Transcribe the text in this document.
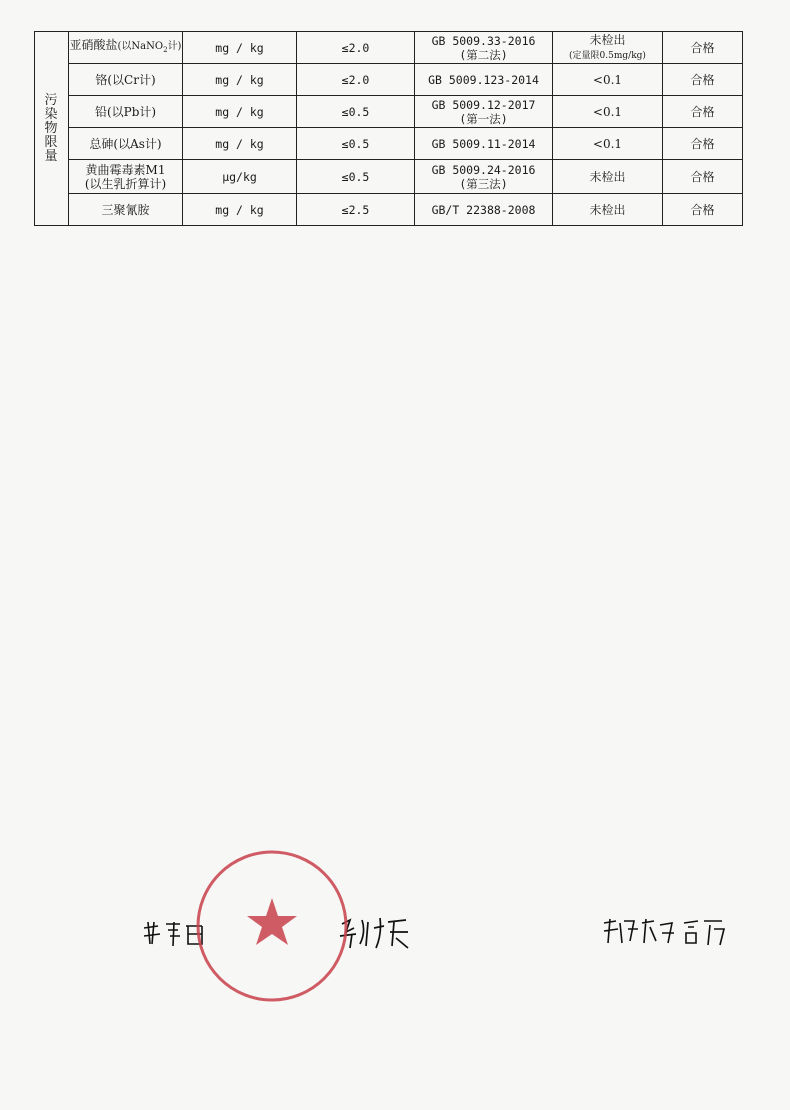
污
染
物
限
量	亚硝酸盐(以NaNO$_2$计)	mg / kg	≤2.0	GB 5009.33-2016
(第二法)	未检出
(定量限0.5mg/kg)	合格
	铬(以Cr计)	mg / kg	≤2.0	GB 5009.123-2014	<0.1	合格
	铅(以Pb计)	mg / kg	≤0.5	GB 5009.12-2017
(第一法)	<0.1	合格
	总砷(以As计)	mg / kg	≤0.5	GB 5009.11-2014	<0.1	合格
	黄曲霉毒素M1
(以生乳折算计)	μg/kg	≤0.5	GB 5009.24-2016
(第三法)	未检出	合格
	三聚氰胺	mg / kg	≤2.5	GB/T 22388-2008	未检出	合格
